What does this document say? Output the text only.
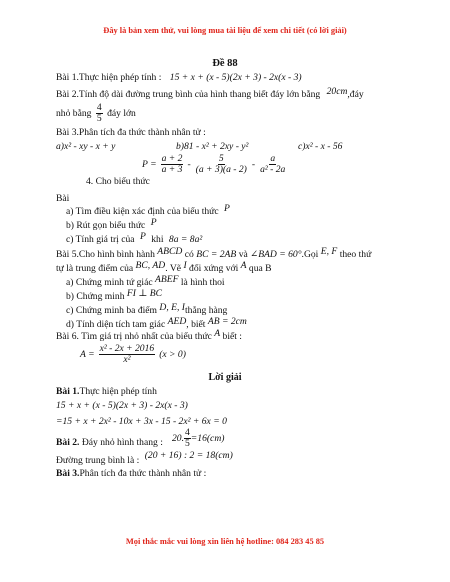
Đây là bản xem thử, vui lòng mua tài liệu để xem chi tiết (có lời giải)
Đề 88
Bài 1.Thực hiện phép tính : 15 + x + (x - 5)(2x + 3) - 2x(x - 3)
Bài 2.Tính độ dài đường trung bình của hình thang biết đáy lớn bằng 20cm,đáy
nhỏ bằng $\frac{4}{5}$ đáy lớn
Bài 3.Phân tích đa thức thành nhân tử :
a)x² - xy - x + y	b)81 - x² + 2xy - y²	c)x² - x - 56
$P = \frac{a + 2}{a + 3} - \frac{5}{(a + 3)(a - 2)} - \frac{a}{\text{a² - 2a}}$
4. Cho biểu thức
Bài
a) Tìm điều kiện xác định của biểu thức P
b) Rút gọn biểu thức P
c) Tính giá trị của P khi 8a = 8a²
Bài 5.Cho hình bình hành ABCD có BC = 2AB và ∠BAD = 60°.Gọi E, F theo thứ
tự là trung điểm của BC, AD. Vẽ I đối xứng với A qua B
a) Chứng minh tứ giác ABEF là hình thoi
b) Chứng minh FI ⊥ BC
c) Chứng minh ba điểm D, E, Ithẳng hàng
d) Tính diện tích tam giác AED, biết AB = 2cm
Bài 6. Tìm giá trị nhỏ nhất của biểu thức A biết :
$A = \frac{\text{x² - 2x + 2016}}{\text{x²}} (x > 0)$
Lời giải
Bài 1.Thực hiện phép tính
15 + x + (x - 5)(2x + 3) - 2x(x - 3)
=15 + x + 2x² - 10x + 3x - 15 - 2x² + 6x = 0
20. $\frac{4}{5} =16(cm)$
Bài 2. Đáy nhỏ hình thang :
Đường trung bình là : (20 + 16) : 2 = 18(cm)
Bài 3.Phân tích đa thức thành nhân tử :
Mọi thắc mắc vui lòng xin liên hệ hotline: 084 283 45 85
